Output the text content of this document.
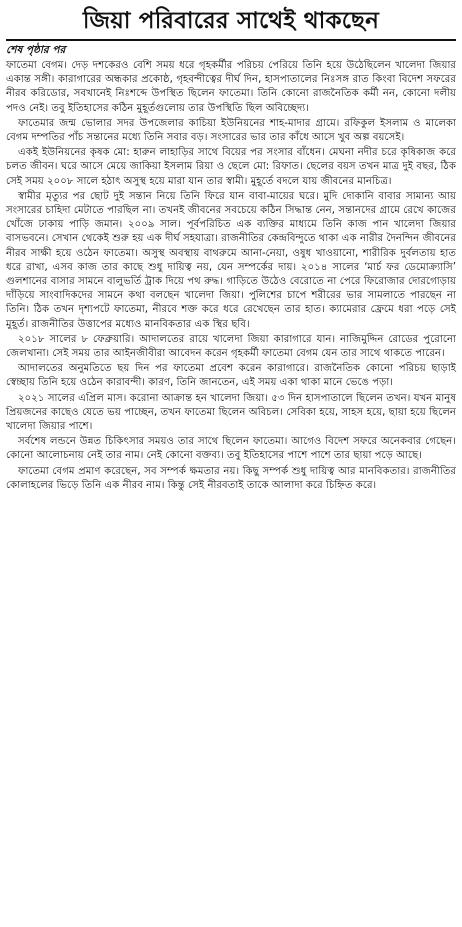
জিয়া পরিবারের সাথেই থাকছেন
শেষ পৃষ্ঠার পর

ফাতেমা বেগম। দেড় দশকেরও বেশি সময় ধরে গৃহকর্মীর পরিচয় পেরিয়ে তিনি হয়ে উঠেছিলেন খালেদা জিয়ার একান্ত সঙ্গী। কারাগারের অন্ধকার প্রকোষ্ঠ, গৃহবন্দীত্বের দীর্ঘ দিন, হাসপাতালের নিঃসঙ্গ রাত কিংবা বিদেশ সফরের নীরব করিডোর, সবখানেই নিঃশব্দে উপস্থিত ছিলেন ফাতেমা। তিনি কোনো রাজনৈতিক কর্মী নন, কোনো দলীয় পদও নেই। তবু ইতিহাসের কঠিন মুহূর্তগুলোয় তার উপস্থিতি ছিল অবিচ্ছেদ্য।

ফাতেমার জন্ম ভোলার সদর উপজেলার কাচিয়া ইউনিয়নের শাহ-মাদার গ্রামে। রফিকুল ইসলাম ও মালেকা বেগম দম্পতির পাঁচ সন্তানের মধ্যে তিনি সবার বড়। সংসারের ভার তার কাঁধে আসে খুব অল্প বয়সেই।

একই ইউনিয়নের কৃষক মো: হারুন লাহাড়ির সাথে বিয়ের পর সংসার বাঁধেন। মেঘনা নদীর চরে কৃষিকাজ করে চলত জীবন। ঘরে আসে মেয়ে জাকিয়া ইসলাম রিয়া ও ছেলে মো: রিফাত। ছেলের বয়স তখন মাত্র দুই বছর, ঠিক সেই সময় ২০০৮ সালে হঠাৎ অসুস্থ হয়ে মারা যান তার স্বামী। মুহূর্তে বদলে যায় জীবনের মানচিত্র।

স্বামীর মৃত্যুর পর ছোট দুই সন্তান নিয়ে তিনি ফিরে যান বাবা-মায়ের ঘরে। মুদি দোকানি বাবার সামান্য আয় সংসারের চাহিদা মেটাতে পারছিল না। তখনই জীবনের সবচেয়ে কঠিন সিদ্ধান্ত নেন, সন্তানদের গ্রামে রেখে কাজের খোঁজে ঢাকায় পাড়ি জমান। ২০০৯ সাল। পূর্বপরিচিত এক ব্যক্তির মাধ্যমে তিনি কাজ পান খালেদা জিয়ার বাসভবনে। সেখান থেকেই শুরু হয় এক দীর্ঘ সহযাত্রা। রাজনীতির কেন্দ্রবিন্দুতে থাকা এক নারীর দৈনন্দিন জীবনের নীরব সাক্ষী হয়ে ওঠেন ফাতেমা। অসুস্থ অবস্থায় বাথরুমে আনা-নেয়া, ওষুধ খাওয়ানো, শারীরিক দুর্বলতায় হাত ধরে রাখা, এসব কাজ তার কাছে শুধু দায়িত্ব নয়, যেন সম্পর্কের দায়। ২০১৪ সালের ‘মার্চ ফর ডেমোক্র্যাসি’ গুলশানের বাসার সামনে বালুভর্তি ট্রাক দিয়ে পথ রুদ্ধ। গাড়িতে উঠেও বেরোতে না পেরে ফিরোজার দোরগোড়ায় দাঁড়িয়ে সাংবাদিকদের সামনে কথা বলছেন খালেদা জিয়া। পুলিশের চাপে শরীরের ভার সামলাতে পারছেন না তিনি। ঠিক তখন দৃশ্যপটে ফাতেমা, নীরবে শক্ত করে ধরে রেখেছেন তার হাত। ক্যামেরার ফ্রেমে ধরা পড়ে সেই মুহূর্ত। রাজনীতির উত্তাপের মধ্যেও মানবিকতার এক স্থির ছবি।

২০১৮ সালের ৮ ফেব্রুয়ারি। আদালতের রায়ে খালেদা জিয়া কারাগারে যান। নাজিমুদ্দিন রোডের পুরোনো জেলখানা। সেই সময় তার আইনজীবীরা আবেদন করেন গৃহকর্মী ফাতেমা বেগম যেন তার সাথে থাকতে পারেন।

আদালতের অনুমতিতে ছয় দিন পর ফাতেমা প্রবেশ করেন কারাগারে। রাজনৈতিক কোনো পরিচয় ছাড়াই স্বেচ্ছায় তিনি হয়ে ওঠেন কারাবন্দী। কারণ, তিনি জানতেন, এই সময় একা থাকা মানে ভেঙে পড়া।

২০২১ সালের এপ্রিল মাস। করোনা আক্রান্ত হন খালেদা জিয়া। ৫৩ দিন হাসপাতালে ছিলেন তখন। যখন মানুষ প্রিয়জনের কাছেও যেতে ভয় পাচ্ছেন, তখন ফাতেমা ছিলেন অবিচল। সেবিকা হয়ে, সাহস হয়ে, ছায়া হয়ে ছিলেন খালেদা জিয়ার পাশে।

সর্বশেষ লন্ডনে উন্নত চিকিৎসার সময়ও তার সাথে ছিলেন ফাতেমা। আগেও বিদেশ সফরে অনেকবার গেছেন। কোনো আলোচনায় নেই তার নাম। নেই কোনো বক্তব্য। তবু ইতিহাসের পাশে পাশে তার ছায়া পড়ে আছে।

ফাতেমা বেগম প্রমাণ করেছেন, সব সম্পর্ক ক্ষমতার নয়। কিছু সম্পর্ক শুধু দায়িত্ব আর মানবিকতার। রাজনীতির কোলাহলের ভিড়ে তিনি এক নীরব নাম। কিন্তু সেই নীরবতাই তাকে আলাদা করে চিহ্নিত করে।
